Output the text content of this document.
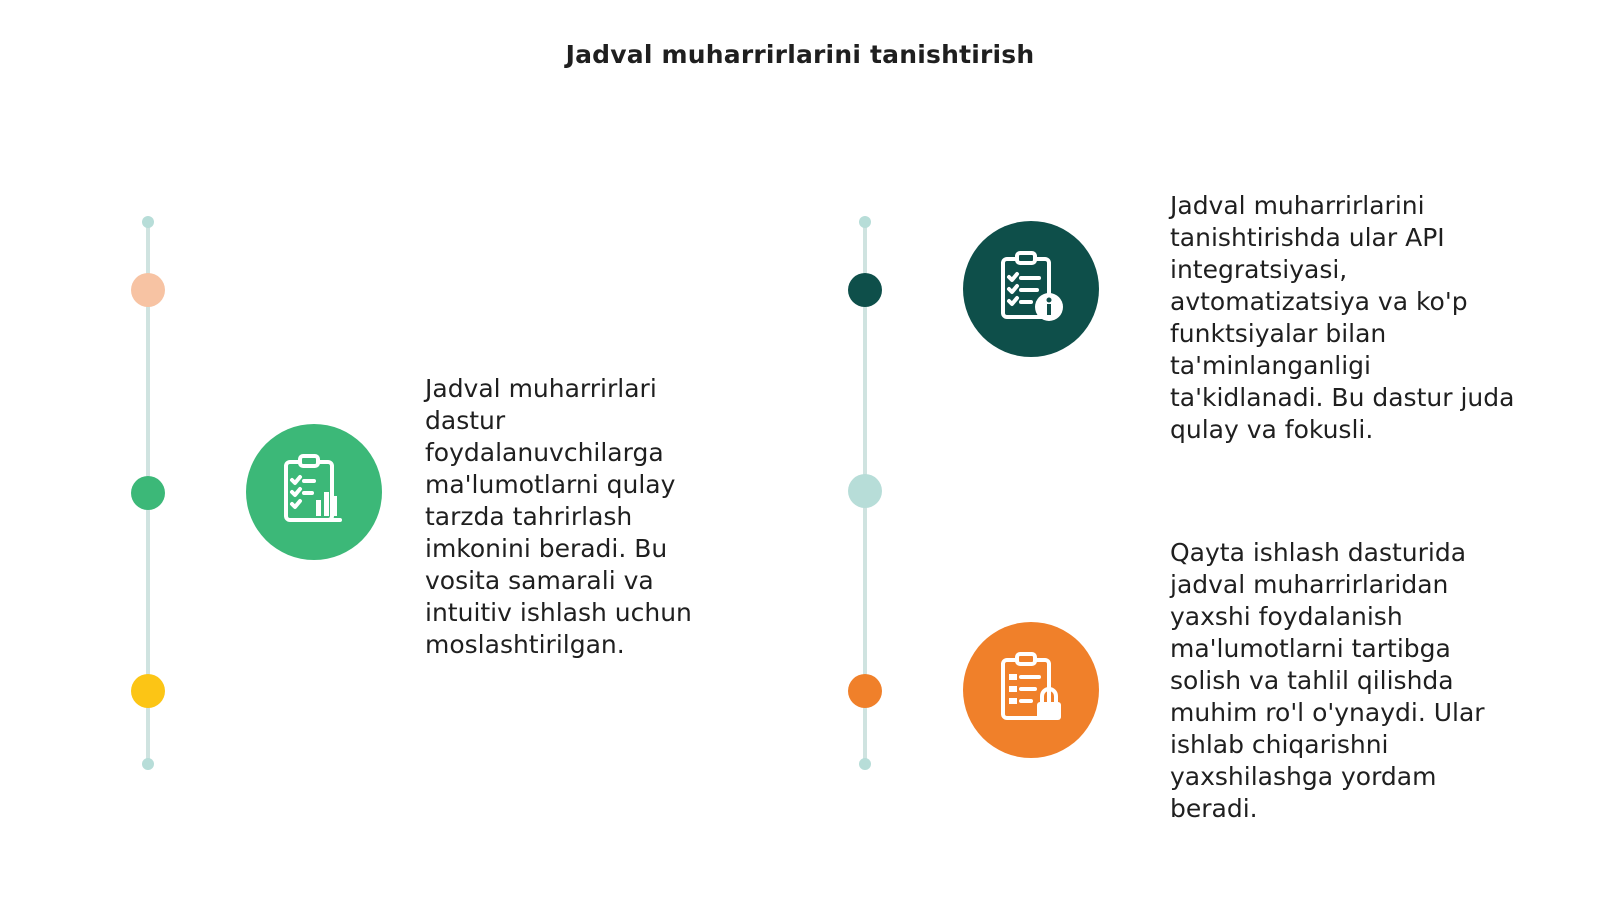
Jadval muharrirlarini tanishtirish
Jadval muharrirlari
dastur
foydalanuvchilarga
ma'lumotlarni qulay
tarzda tahrirlash
imkonini beradi. Bu
vosita samarali va
intuitiv ishlash uchun
moslashtirilgan.
Jadval muharrirlarini
tanishtirishda ular API
integratsiyasi,
avtomatizatsiya va ko'p
funktsiyalar bilan
ta'minlanganligi
ta'kidlanadi. Bu dastur juda
qulay va fokusli.
Qayta ishlash dasturida
jadval muharrirlaridan
yaxshi foydalanish
ma'lumotlarni tartibga
solish va tahlil qilishda
muhim ro'l o'ynaydi. Ular
ishlab chiqarishni
yaxshilashga yordam
beradi.
